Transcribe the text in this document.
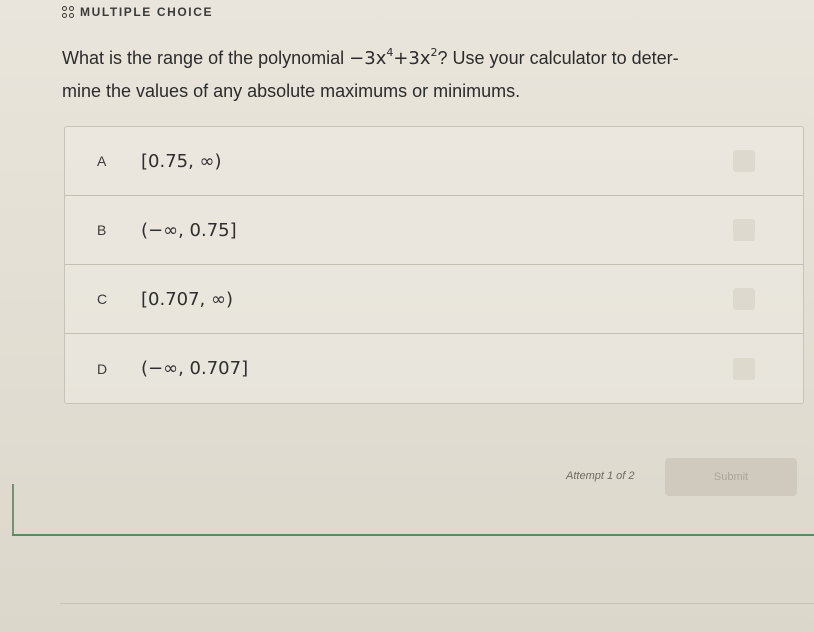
MULTIPLE CHOICE
What is the range of the polynomial $-3x^4+3x^2$? Use your calculator to deter-
mine the values of any absolute maximums or minimums.
A [0.75, ∞)
B (−∞, 0.75]
C [0.707, ∞)
D (−∞, 0.707]
Attempt 1 of 2	Submit
